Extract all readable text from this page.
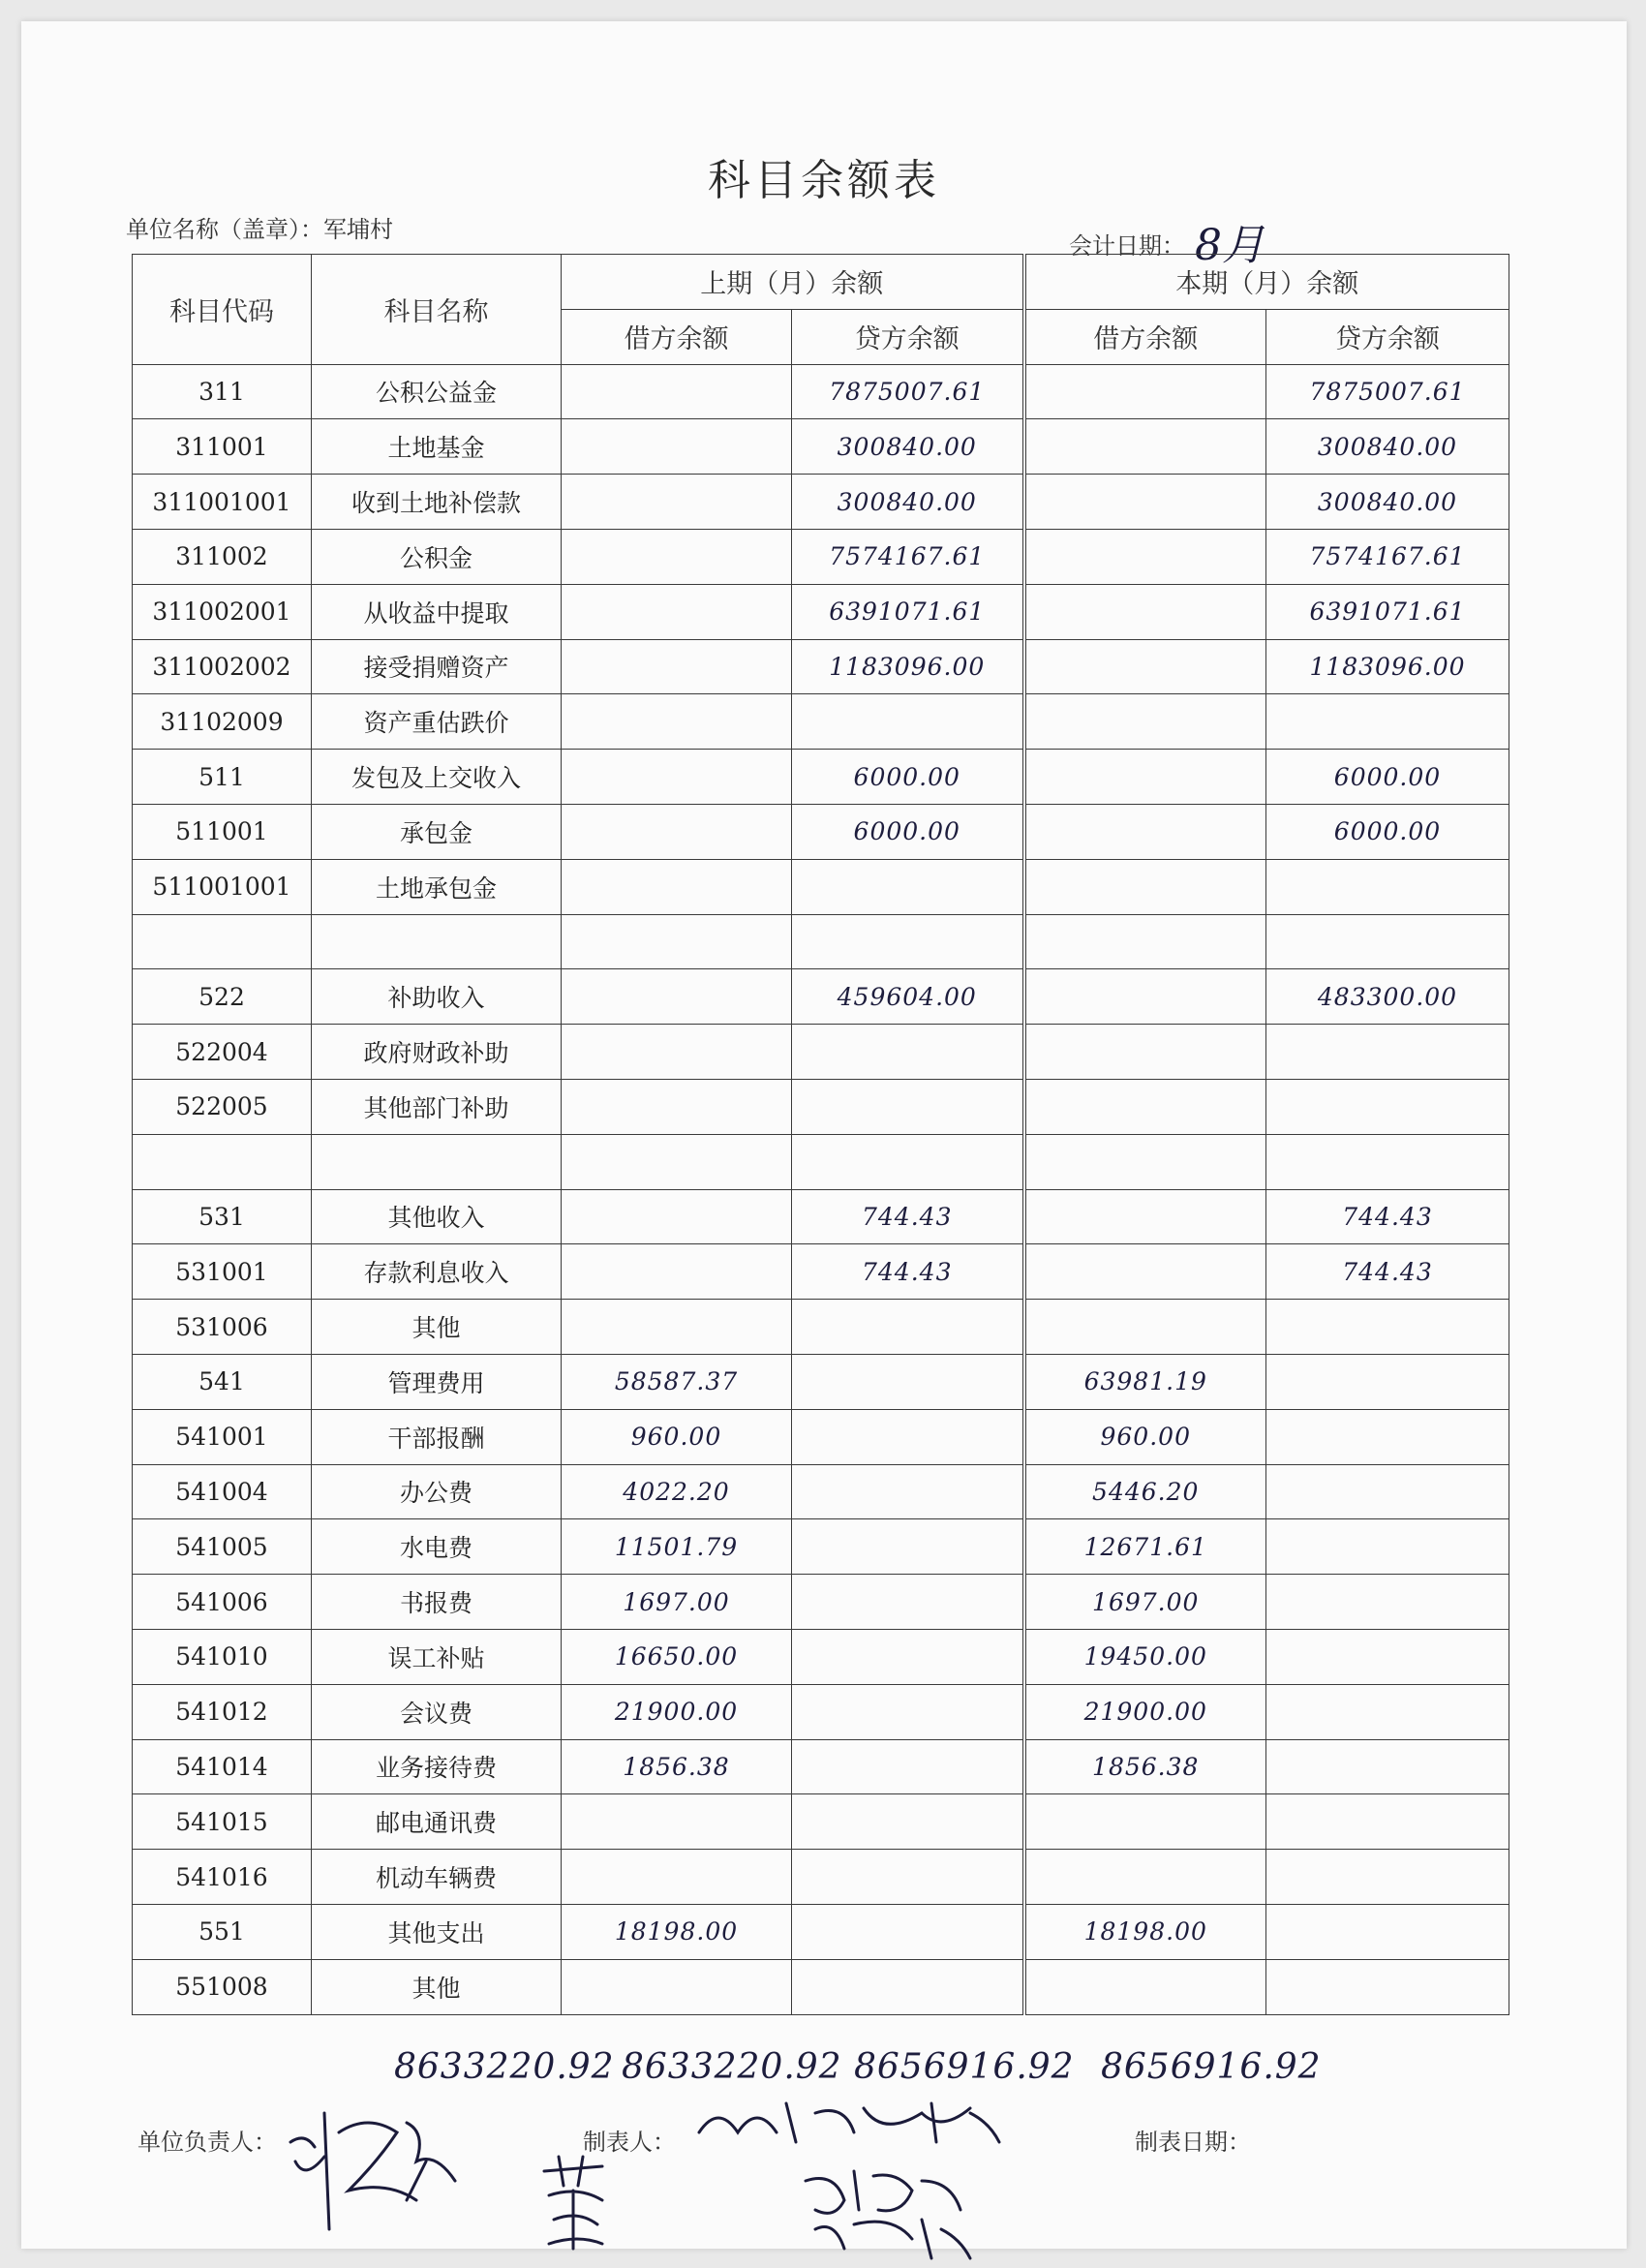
科目余额表
单位名称（盖章）：军埔村
会计日期： 8月
科目代码	科目名称	上期（月）余额		本期（月）余额	
		借方余额	贷方余额	借方余额	贷方余额
311	公积公益金		7875007.61		7875007.61
311001	土地基金		300840.00		300840.00
311001001	收到土地补偿款		300840.00		300840.00
311002	公积金		7574167.61		7574167.61
311002001	从收益中提取		6391071.61		6391071.61
311002002	接受捐赠资产		1183096.00		1183096.00
31102009	资产重估跌价				
511	发包及上交收入		6000.00		6000.00
511001	承包金		6000.00		6000.00
511001001	土地承包金				

522	补助收入		459604.00		483300.00
522004	政府财政补助				
522005	其他部门补助				

531	其他收入		744.43		744.43
531001	存款利息收入		744.43		744.43
531006	其他				
541	管理费用	58587.37		63981.19	
541001	干部报酬	960.00		960.00	
541004	办公费	4022.20		5446.20	
541005	水电费	11501.79		12671.61	
541006	书报费	1697.00		1697.00	
541010	误工补贴	16650.00		19450.00	
541012	会议费	21900.00		21900.00	
541014	业务接待费	1856.38		1856.38	
541015	邮电通讯费				
541016	机动车辆费				
551	其他支出	18198.00		18198.00	
551008	其他				
8633220.92 8633220.92 8656916.92 8656916.92
单位负责人：	制表人：	制表日期：
